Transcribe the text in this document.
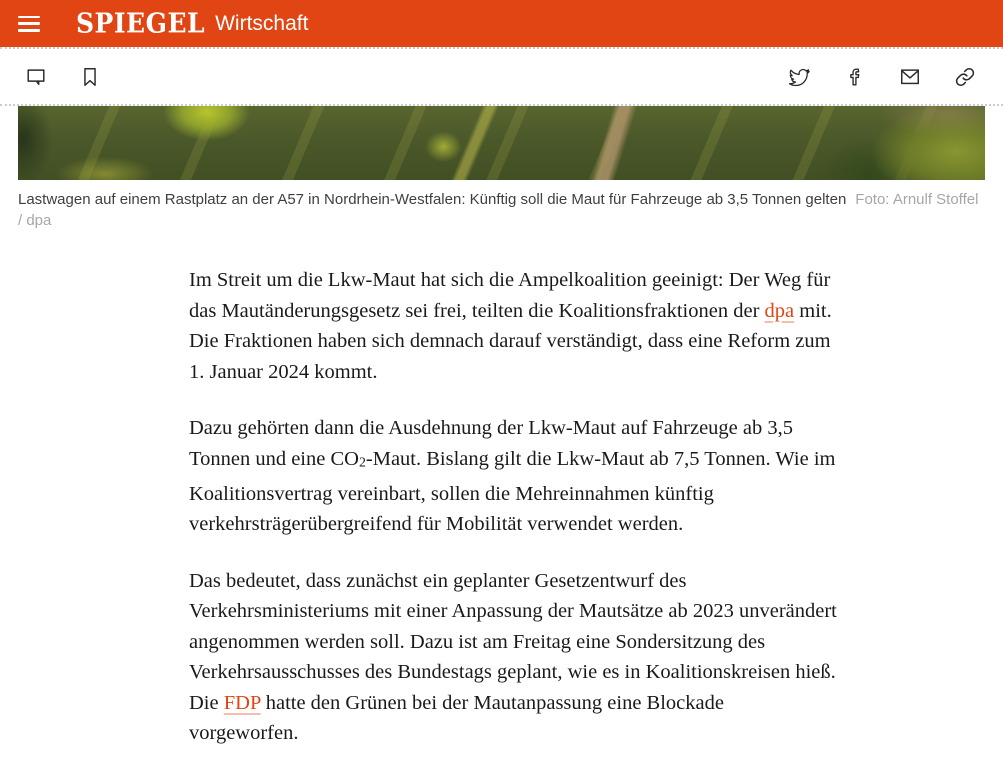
SPIEGEL Wirtschaft
Lastwagen auf einem Rastplatz an der A57 in Nordrhein-Westfalen: Künftig soll die Maut für Fahrzeuge ab 3,5 Tonnen gelten Foto: Arnulf Stoffel / dpa

Im Streit um die Lkw-Maut hat sich die Ampelkoalition geeinigt: Der Weg für das Mautänderungsgesetz sei frei, teilten die Koalitionsfraktionen der dpa mit. Die Fraktionen haben sich demnach darauf verständigt, dass eine Reform zum 1. Januar 2024 kommt.

Dazu gehörten dann die Ausdehnung der Lkw-Maut auf Fahrzeuge ab 3,5 Tonnen und eine CO2-Maut. Bislang gilt die Lkw-Maut ab 7,5 Tonnen. Wie im Koalitionsvertrag vereinbart, sollen die Mehreinnahmen künftig verkehrsträgerübergreifend für Mobilität verwendet werden.

Das bedeutet, dass zunächst ein geplanter Gesetzentwurf des Verkehrsministeriums mit einer Anpassung der Mautsätze ab 2023 unverändert angenommen werden soll. Dazu ist am Freitag eine Sondersitzung des Verkehrsausschusses des Bundestags geplant, wie es in Koalitionskreisen hieß. Die FDP hatte den Grünen bei der Mautanpassung eine Blockade vorgeworfen.
